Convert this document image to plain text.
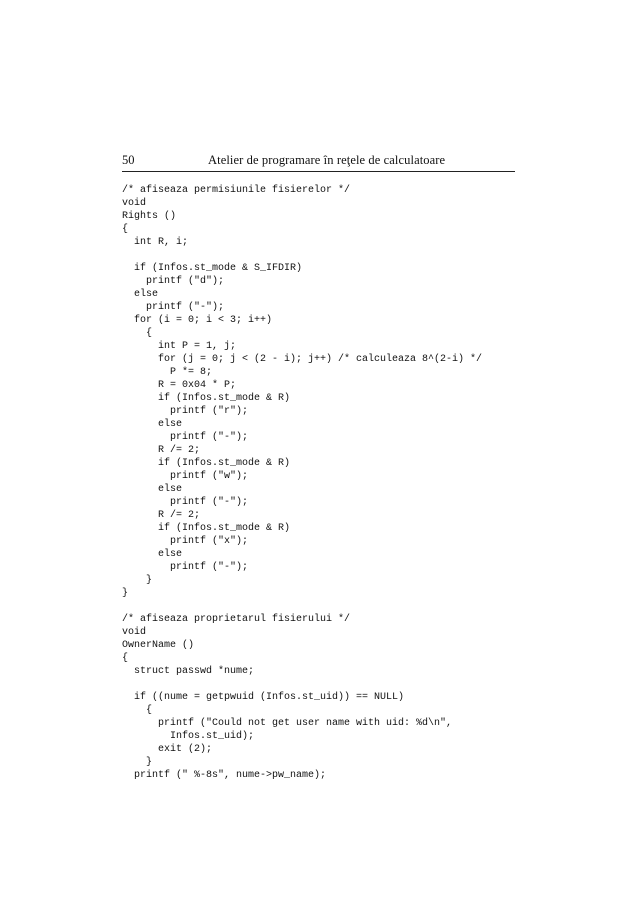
50	Atelier de programare în reţele de calculatoare
/* afiseaza permisiunile fisierelor */
void
Rights ()
{
int R, i;
if (Infos.st_mode & S_IFDIR)
printf ("d");
else
printf ("-");
for (i = 0; i < 3; i++)
{
int P = 1, j;
for (j = 0; j < (2 - i); j++) /* calculeaza 8^(2-i) */
P *= 8;
R = 0x04 * P;
if (Infos.st_mode & R)
printf ("r");
else
printf ("-");
R /= 2;
if (Infos.st_mode & R)
printf ("w");
else
printf ("-");
R /= 2;
if (Infos.st_mode & R)
printf ("x");
else
printf ("-");
}
}
/* afiseaza proprietarul fisierului */
void
OwnerName ()
{
struct passwd *nume;
if ((nume = getpwuid (Infos.st_uid)) == NULL)
{
printf ("Could not get user name with uid: %d\n",
Infos.st_uid);
exit (2);
}
printf (" %-8s", nume->pw_name);
